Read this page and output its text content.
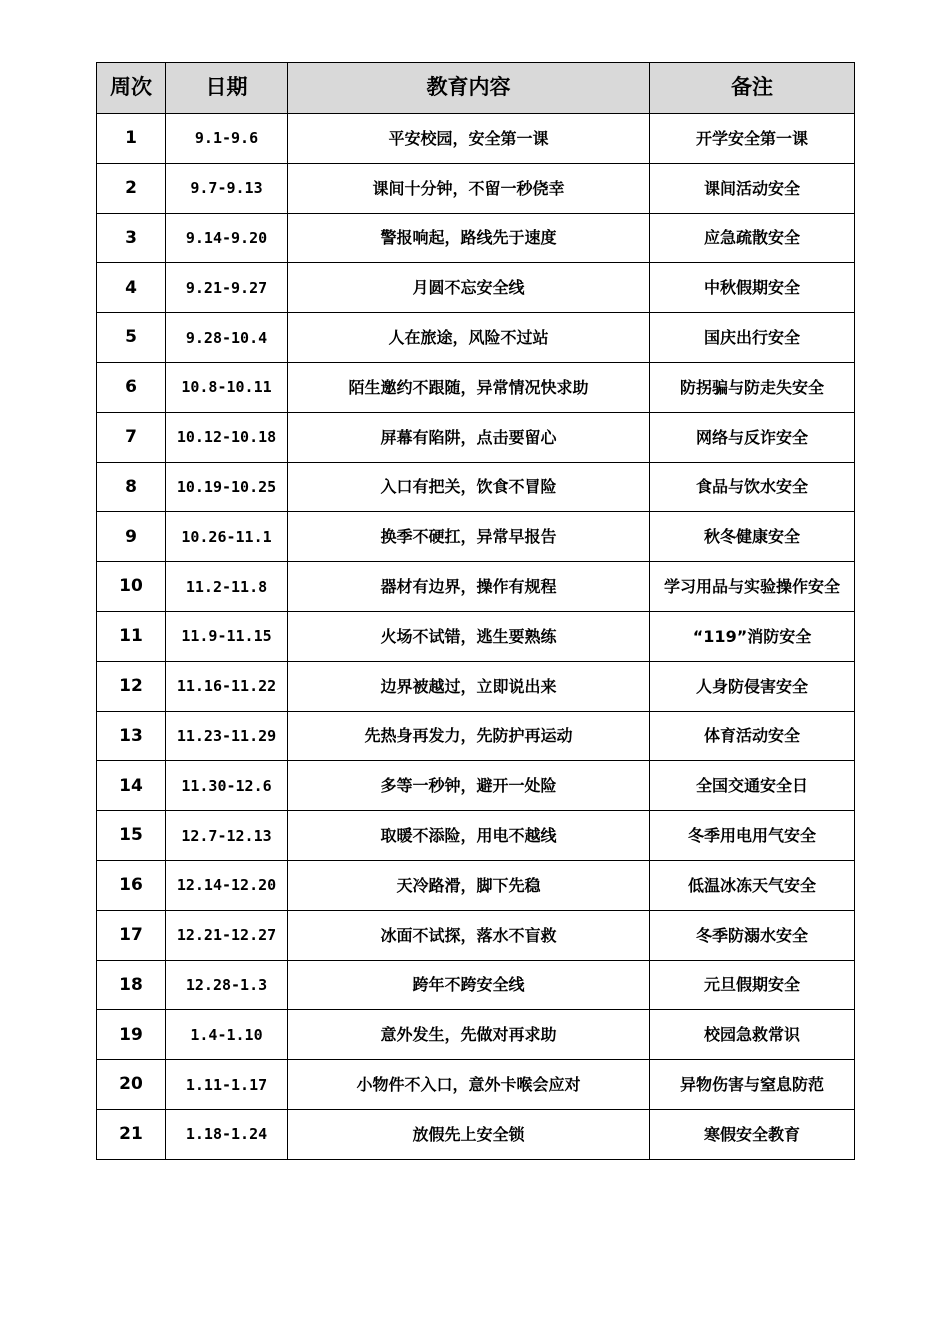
周次	日期	教育内容	备注
1	9.1-9.6	平安校园，安全第一课	开学安全第一课
2	9.7-9.13	课间十分钟，不留一秒侥幸	课间活动安全
3	9.14-9.20	警报响起，路线先于速度	应急疏散安全
4	9.21-9.27	月圆不忘安全线	中秋假期安全
5	9.28-10.4	人在旅途，风险不过站	国庆出行安全
6	10.8-10.11	陌生邀约不跟随，异常情况快求助	防拐骗与防走失安全
7	10.12-10.18	屏幕有陷阱，点击要留心	网络与反诈安全
8	10.19-10.25	入口有把关，饮食不冒险	食品与饮水安全
9	10.26-11.1	换季不硬扛，异常早报告	秋冬健康安全
10	11.2-11.8	器材有边界，操作有规程	学习用品与实验操作安全
11	11.9-11.15	火场不试错，逃生要熟练	“119”消防安全
12	11.16-11.22	边界被越过，立即说出来	人身防侵害安全
13	11.23-11.29	先热身再发力，先防护再运动	体育活动安全
14	11.30-12.6	多等一秒钟，避开一处险	全国交通安全日
15	12.7-12.13	取暖不添险，用电不越线	冬季用电用气安全
16	12.14-12.20	天冷路滑，脚下先稳	低温冰冻天气安全
17	12.21-12.27	冰面不试探，落水不盲救	冬季防溺水安全
18	12.28-1.3	跨年不跨安全线	元旦假期安全
19	1.4-1.10	意外发生，先做对再求助	校园急救常识
20	1.11-1.17	小物件不入口，意外卡喉会应对	异物伤害与窒息防范
21	1.18-1.24	放假先上安全锁	寒假安全教育
